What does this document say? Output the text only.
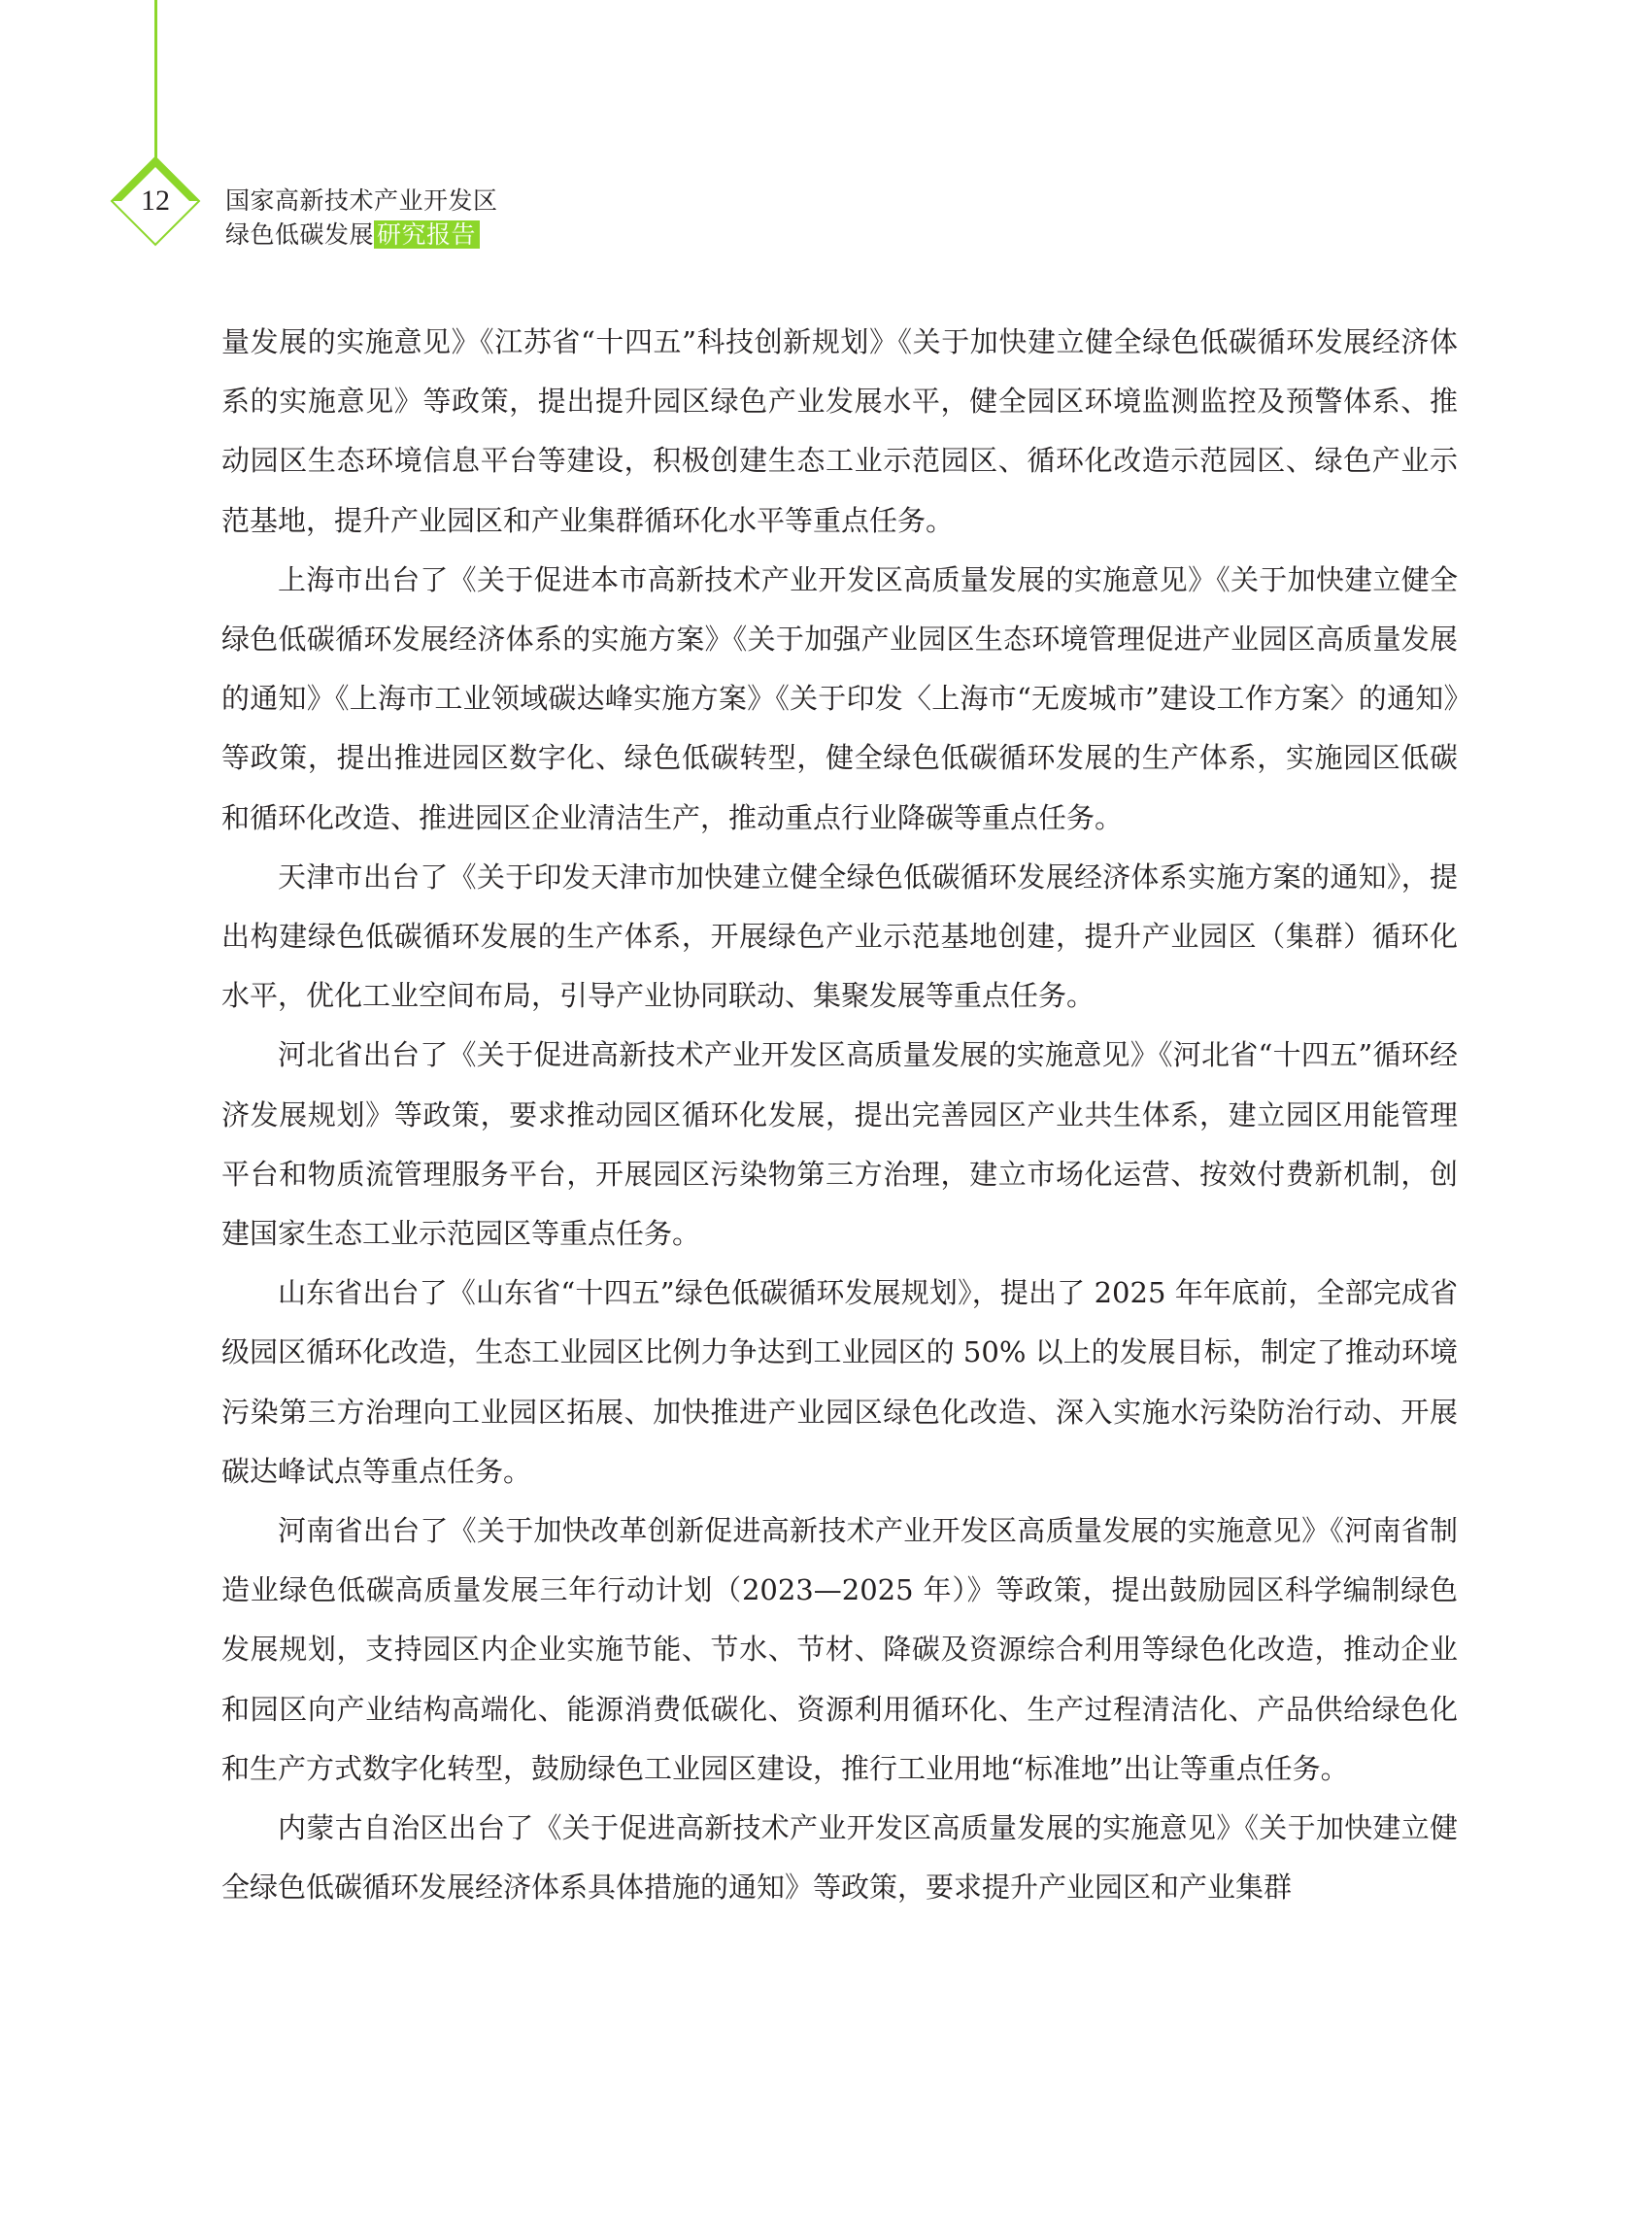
12	国家高新技术产业开发区
绿色低碳发展 研究报告

量发展的实施意见》《江苏省“十四五”科技创新规划》《关于加快建立健全绿色低碳循环发展经济体系的实施意见》等政策，提出提升园区绿色产业发展水平，健全园区环境监测监控及预警体系、推动园区生态环境信息平台等建设，积极创建生态工业示范园区、循环化改造示范园区、绿色产业示范基地，提升产业园区和产业集群循环化水平等重点任务。

上海市出台了《关于促进本市高新技术产业开发区高质量发展的实施意见》《关于加快建立健全绿色低碳循环发展经济体系的实施方案》《关于加强产业园区生态环境管理促进产业园区高质量发展的通知》《上海市工业领域碳达峰实施方案》《关于印发〈上海市“无废城市”建设工作方案〉的通知》等政策，提出推进园区数字化、绿色低碳转型，健全绿色低碳循环发展的生产体系，实施园区低碳和循环化改造、推进园区企业清洁生产，推动重点行业降碳等重点任务。

天津市出台了《关于印发天津市加快建立健全绿色低碳循环发展经济体系实施方案的通知》，提出构建绿色低碳循环发展的生产体系，开展绿色产业示范基地创建，提升产业园区（集群）循环化水平，优化工业空间布局，引导产业协同联动、集聚发展等重点任务。

河北省出台了《关于促进高新技术产业开发区高质量发展的实施意见》《河北省“十四五”循环经济发展规划》等政策，要求推动园区循环化发展，提出完善园区产业共生体系，建立园区用能管理平台和物质流管理服务平台，开展园区污染物第三方治理，建立市场化运营、按效付费新机制，创建国家生态工业示范园区等重点任务。

山东省出台了《山东省“十四五”绿色低碳循环发展规划》，提出了 2025 年年底前，全部完成省级园区循环化改造，生态工业园区比例力争达到工业园区的 50% 以上的发展目标，制定了推动环境污染第三方治理向工业园区拓展、加快推进产业园区绿色化改造、深入实施水污染防治行动、开展碳达峰试点等重点任务。

河南省出台了《关于加快改革创新促进高新技术产业开发区高质量发展的实施意见》《河南省制造业绿色低碳高质量发展三年行动计划（2023—2025 年）》等政策，提出鼓励园区科学编制绿色发展规划，支持园区内企业实施节能、节水、节材、降碳及资源综合利用等绿色化改造，推动企业和园区向产业结构高端化、能源消费低碳化、资源利用循环化、生产过程清洁化、产品供给绿色化和生产方式数字化转型，鼓励绿色工业园区建设，推行工业用地“标准地”出让等重点任务。

内蒙古自治区出台了《关于促进高新技术产业开发区高质量发展的实施意见》《关于加快建立健全绿色低碳循环发展经济体系具体措施的通知》等政策，要求提升产业园区和产业集群
